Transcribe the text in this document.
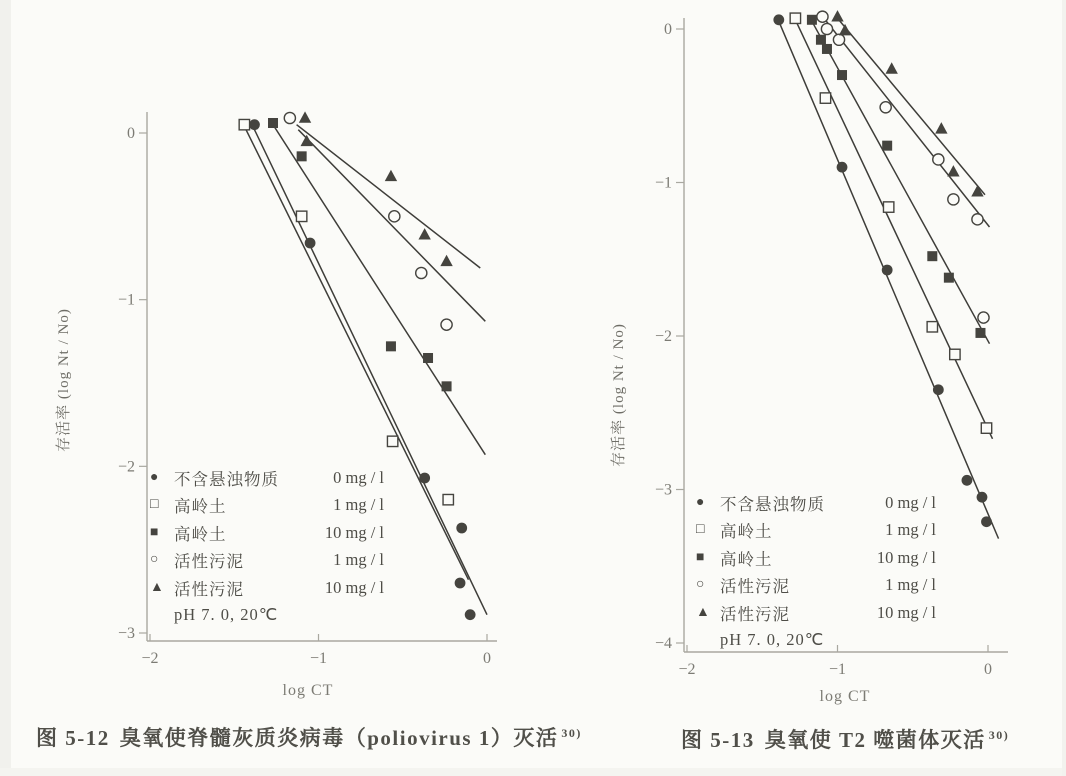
0
−1
−2
−3
−2	−1	0
存活率 (log Nt / No)
log CT
● 不含悬浊物质	0 mg / l
□ 高岭土	1 mg / l
■ 高岭土	10 mg / l
○ 活性污泥	1 mg / l
▲ 活性污泥	10 mg / l
pH 7. 0, 20℃
图 5-12 臭氧使脊髓灰质炎病毒（poliovirus 1）灭活 $^{30)}$
0
−1
−2
−3
−4
−2	−1	0
存活率 (log Nt / No)
log CT
● 不含悬浊物质	0 mg / l
□ 高岭土	1 mg / l
■ 高岭土	10 mg / l
○ 活性污泥	1 mg / l
▲ 活性污泥	10 mg / l
pH 7. 0, 20℃
图 5-13 臭氧使 T2 噬菌体灭活 $^{30)}$
